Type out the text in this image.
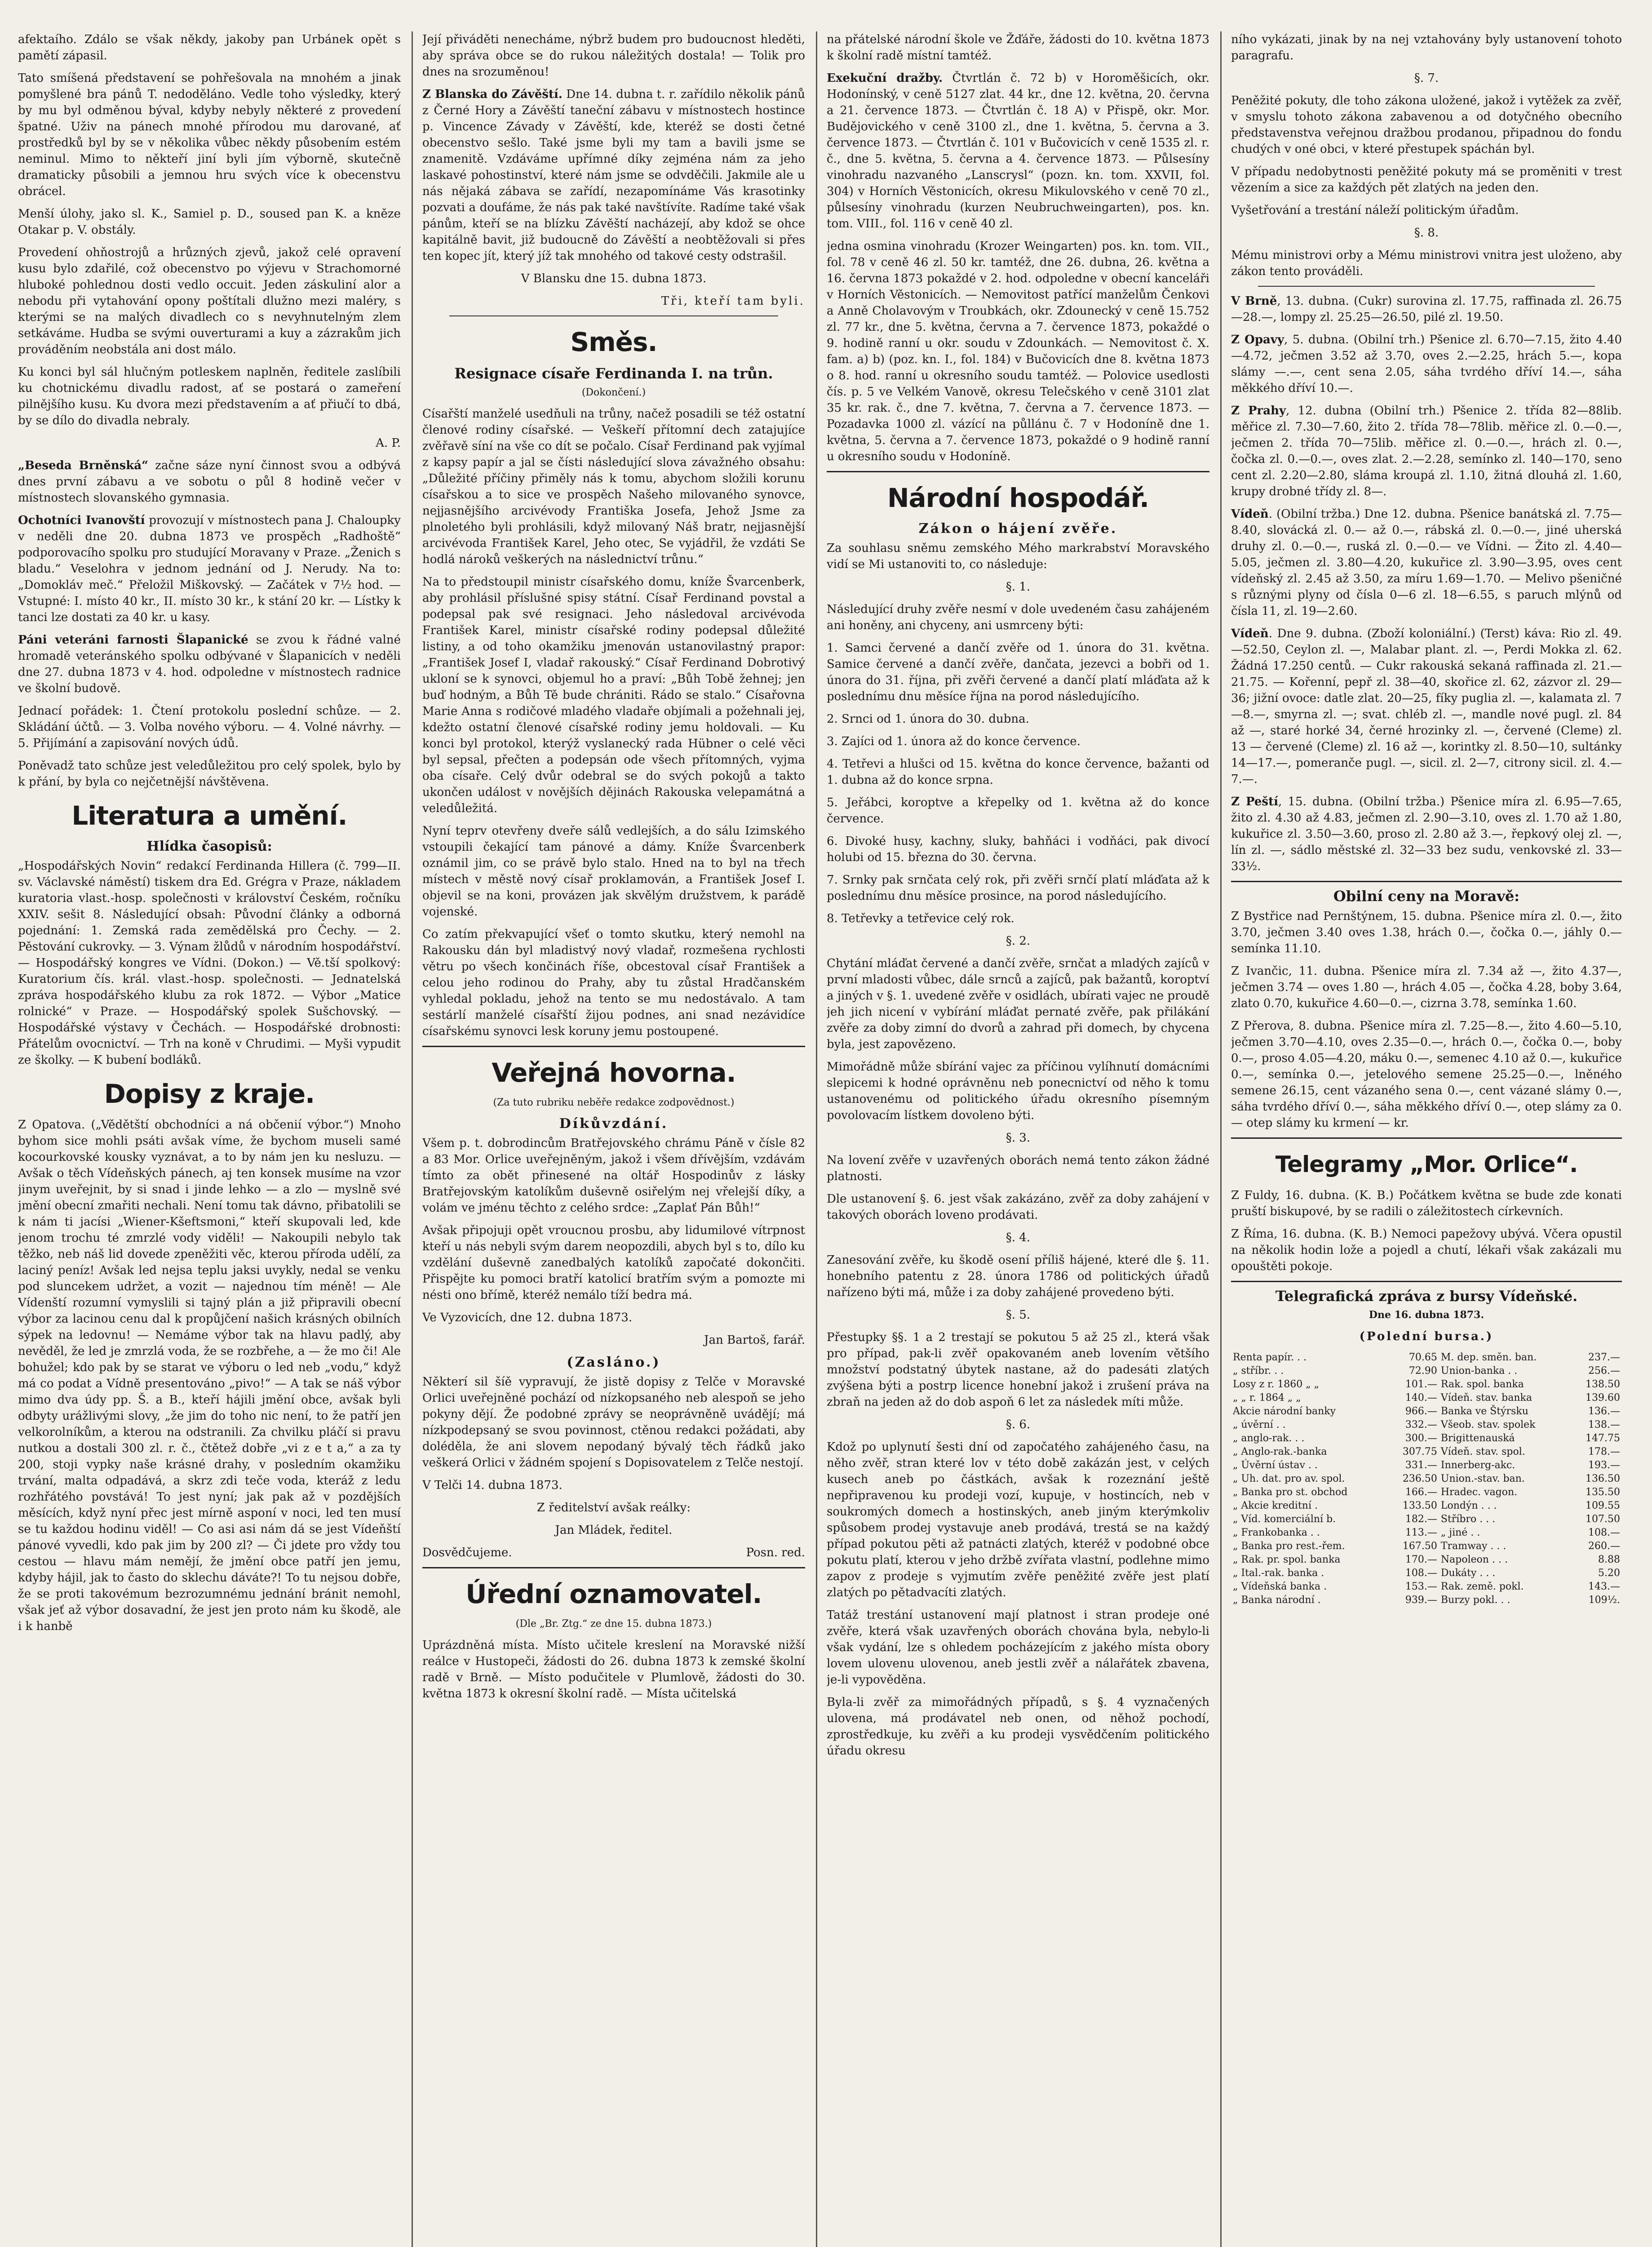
afektaího. Zdálo se však někdy, jakoby pan Urbánek opět s pamětí zápasil.

Tato smíšená představení se pohřešovala na mnohém a jinak pomyšlené bra pánů T. nedoděláno. Vedle toho výsledky, který by mu byl odměnou býval, kdyby nebyly některé z provedení špatné. Uživ na pánech mnohé přírodou mu darované, ať prostředků byl by se v několika vůbec někdy působením estém neminul. Mimo to někteří jiní byli jím výborně, skutečně dramaticky působili a jemnou hru svých více k obecenstvu obrácel.

Menší úlohy, jako sl. K., Samiel p. D., soused pan K. a kněze Otakar p. V. obstály.

Provedení ohňostrojů a hrůzných zjevů, jakož celé opravení kusu bylo zdařilé, což obecenstvo po výjevu v Strachomorné hluboké pohlednou dosti vedlo occuit. Jeden záskuliní alor a nebodu při vytahování opony poštítali dlužno mezi maléry, s kterými se na malých divadlech co s nevyhnutelným zlem setkáváme. Hudba se svými ouverturami a kuy a zázrakům jich prováděním neobstála ani dost málo.

Ku konci byl sál hlučným potleskem naplněn, ředitele zaslíbili ku chotnickému divadlu radost, ať se postará o zameření pilnějšího kusu. Ku dvora mezi představením a ať přiučí to dbá, by se dílo do divadla nebraly.

A. P.

„Beseda Brněnská“ začne sáze nyní činnost svou a odbývá dnes první zábavu a ve sobotu o půl 8 hodině večer v místnostech slovanského gymnasia.

Ochotníci Ivanovští provozují v místnostech pana J. Chaloupky v neděli dne 20. dubna 1873 ve prospěch „Radhoště“ podporovacího spolku pro studující Moravany v Praze. „Ženich s bladu.“ Veselohra v jednom jednání od J. Nerudy. Na to: „Domokláv meč.“ Přeložil Miškovský. — Začátek v 7½ hod. — Vstupné: I. místo 40 kr., II. místo 30 kr., k stání 20 kr. — Lístky k tanci lze dostati za 40 kr. u kasy.

Páni veteráni farnosti Šlapanické se zvou k řádné valné hromadě veteránského spolku odbývané v Šlapanicích v neděli dne 27. dubna 1873 v 4. hod. odpoledne v místnostech radnice ve školní budově.

Jednací pořádek: 1. Čtení protokolu poslední schůze. — 2. Skládání účtů. — 3. Volba nového výboru. — 4. Volné návrhy. — 5. Přijímání a zapisování nových údů.

Poněvadž tato schůze jest veledůležitou pro celý spolek, bylo by k přání, by byla co nejčetnější návštěvena.

Literatura a umění.
Hlídka časopisů:

„Hospodářských Novin“ redakcí Ferdinanda Hillera (č. 799—II. sv. Václavské náměstí) tiskem dra Ed. Grégra v Praze, nákladem kuratoria vlast.-hosp. společnosti v království Českém, ročníku XXIV. sešit 8. Následující obsah: Původní články a odborná pojednání: 1. Zemská rada zemědělská pro Čechy. — 2. Pěstování cukrovky. — 3. Výnam žlůdů v národním hospodářství. — Hospodářský kongres ve Vídni. (Dokon.) — Vě.tší spolkový: Kuratorium čís. král. vlast.-hosp. společnosti. — Jednatelská zpráva hospodářského klubu za rok 1872. — Výbor „Matice rolnické“ v Praze. — Hospodářský spolek Sušchovský. — Hospodářské výstavy v Čechách. — Hospodářské drobnosti: Přátelům ovocnictví. — Trh na koně v Chrudimi. — Myši vypudit ze školky. — K bubení bodláků.

Dopisy z kraje.

Z Opatova. („Vědětští obchodníci a ná občenií výbor.“) Mnoho byhom sice mohli psáti avšak víme, že bychom museli samé kocourkovské kousky vyznávat, a to by nám jen ku nesluzu. — Avšak o těch Vídeňských pánech, aj ten konsek musíme na vzor jinym uveřejnit, by si snad i jinde lehko — a zlo — myslně své jmění obecní zmařiti nechali. Není tomu tak dávno, přibatolili se k nám ti jacísi „Wiener-Kšeftsmoni,“ kteří skupovali led, kde jenom trochu té zmrzlé vody viděli! — Nakoupili nebylo tak těžko, neb náš lid dovede zpeněžiti věc, kterou příroda udělí, za laciný peníz! Avšak led nejsa teplu jaksi uvykly, nedal se venku pod sluncekem udržet, a vozit — najednou tím méně! — Ale Vídenští rozumní vymyslili si tajný plán a již připravili obecní výbor za lacinou cenu dal k propůjčení našich krásných obilních sýpek na ledovnu! — Nemáme výbor tak na hlavu padlý, aby nevěděl, že led je zmrzlá voda, že se rozbřehe, a — že mo či! Ale bohužel; kdo pak by se starat ve výboru o led neb „vodu,“ když má co podat a Vídně presentováno „pivo!“ — A tak se náš výbor mimo dva údy pp. Š. a B., kteří hájili jmění obce, avšak byli odbyty urážlivými slovy, „že jim do toho nic není, to že patří jen velkorolníkům, a kterou na odstranili. Za chvilku pláčí si pravu nutkou a dostali 300 zl. r. č., čtětež dobře „vi z e t a,“ a za ty 200, stoji vypky naše krásné drahy, v posledním okamžiku trvání, malta odpadává, a skrz zdi teče voda, kteráž z ledu rozhřátého povstává! To jest nyní; jak pak až v pozdějších měsících, když nyní přec jest mírně asponí v noci, led ten musí se tu každou hodinu viděl! — Co asi asi nám dá se jest Vídeňští pánové vyvedli, kdo pak jim by 200 zl? — Či jdete pro vždy tou cestou — hlavu mám nemějí, že jmění obce patří jen jemu, kdyby hájil, jak to často do sklechu dáváte?! To tu nejsou dobře, že se proti takovémum bezrozumnému jednání bránit nemohl, však jeť až výbor dosavadní, že jest jen proto nám ku škodě, ale i k hanbě

Její přiváděti nenecháme, nýbrž budem pro budoucnost hleděti, aby správa obce se do rukou náležitých dostala! — Tolik pro dnes na srozuměnou!

Z Blanska do Závěští. Dne 14. dubna t. r. zařídilo několik pánů z Černé Hory a Závěští taneční zábavu v místnostech hostince p. Vincence Závady v Závěští, kde, kteréž se dosti četné obecenstvo sešlo. Také jsme byli my tam a bavili jsme se znamenitě. Vzdáváme upřímné díky zejména nám za jeho laskavé pohostinství, které nám jsme se odvděčili. Jakmile ale u nás nějaká zábava se zařídí, nezapomínáme Vás krasotinky pozvati a doufáme, že nás pak také navštívíte. Radíme také však pánům, kteří se na blízku Závěští nacházejí, aby kdož se ohce kapitálně bavit, již budoucně do Závěští a neobtěžovali si přes ten kopec jít, který jíž tak mnohého od takové cesty odstrašil.

V Blansku dne 15. dubna 1873.

Tři, kteří tam byli.

Směs.
Resignace císaře Ferdinanda I. na trůn.

(Dokončení.)

Císařští manželé usedňuli na trůny, načež posadili se též ostatní členové rodiny císařské. — Veškeří přítomní dech zatajujíce zvěřavě síní na vše co dít se počalo. Císař Ferdinand pak vyjímal z kapsy papír a jal se čísti následující slova závažného obsahu: „Důležité příčiny přiměly nás k tomu, abychom složili korunu císařskou a to sice ve prospěch Našeho milovaného synovce, nejjasnějšího arcivévody Františka Josefa, Jehož Jsme za plnoletého byli prohlásili, když milovaný Náš bratr, nejjasnější arcivévoda František Karel, Jeho otec, Se vyjádřil, že vzdáti Se hodlá nároků veškerých na následnictví trůnu.“

Na to předstoupil ministr císařského domu, kníže Švarcenberk, aby prohlásil příslušné spisy státní. Císař Ferdinand povstal a podepsal pak své resignaci. Jeho následoval arcivévoda František Karel, ministr císařské rodiny podepsal důležité listiny, a od toho okamžiku jmenován ustanovilastný prapor: „František Josef I, vladař rakouský.“ Císař Ferdinand Dobrotivý ukloní se k synovci, objemul ho a praví: „Bůh Tobě žehnej; jen buď hodným, a Bůh Tě bude chrániti. Rádo se stalo.“ Císařovna Marie Anna s rodičové mladého vladaře objímali a požehnali jej, kdežto ostatní členové císařské rodiny jemu holdovali. — Ku konci byl protokol, kterýž vyslanecký rada Hübner o celé věci byl sepsal, přečten a podepsán ode všech přítomných, vyjma oba císaře. Celý dvůr odebral se do svých pokojů a takto ukončen událost v novějších dějinách Rakouska velepamátná a veledůležitá.

Nyní teprv otevřeny dveře sálů vedlejších, a do sálu Izimského vstoupili čekající tam pánové a dámy. Kníže Švarcenberk oznámil jim, co se právě bylo stalo. Hned na to byl na třech místech v městě nový císař proklamován, a František Josef I. objevil se na koni, provázen jak skvělým družstvem, k parádě vojenské.

Co zatím překvapující všeť o tomto skutku, který nemohl na Rakousku dán byl mladistvý nový vladař, rozmešena rychlosti větru po všech končinách říše, obcestoval císař František a celou jeho rodinou do Prahy, aby tu zůstal Hradčanském vyhledal pokladu, jehož na tento se mu nedostávalo. A tam sestárlí manželé císařští žijou podnes, ani snad nezávidíce císařskému synovci lesk koruny jemu postoupené.

Veřejná hovorna.

(Za tuto rubriku neběře redakce zodpovědnost.)

Díkůvzdání.

Všem p. t. dobrodincům Bratřejovského chrámu Páně v čísle 82 a 83 Mor. Orlice uveřejněným, jakož i všem dřívějším, vzdávám tímto za obět přinesené na oltář Hospodinův z lásky Bratřejovským katolíkům duševně osiřelým nej vřelejší díky, a volám ve jménu těchto z celého srdce: „Zaplať Pán Bůh!“

Avšak připojuji opět vroucnou prosbu, aby lidumilové vítrpnost kteří u nás nebyli svým darem neopozdili, abych byl s to, dílo ku vzdělání duševně zanedbalých katolíků započaté dokončiti. Přispějte ku pomoci bratří katolicí bratřím svým a pomozte mi nésti ono břímě, kteréž nemálo tíží bedra má.

Ve Vyzovicích, dne 12. dubna 1873.

Jan Bartoš, farář.

(Zasláno.)

Některí sil šíě vypravují, že jistě dopisy z Telče v Moravské Orlici uveřejněné pochází od nízkopsaného neb alespoň se jeho pokyny dějí. Že podobné zprávy se neoprávněně uvádějí; má nízkpodepsaný se svou povinnost, ctěnou redakci požádati, aby doléděla, že ani slovem nepodaný bývalý těch řádků jako veškerá Orlici v žádném spojení s Dopisovatelem z Telče nestojí.

V Telči 14. dubna 1873.

Z ředitelství avšak reálky:

Jan Mládek, ředitel.

Dosvědčujeme.	Posn. red.

Úřední oznamovatel.

(Dle „Br. Ztg.“ ze dne 15. dubna 1873.)

Uprázdněná místa. Místo učitele kreslení na Moravské nižší reálce v Hustopeči, žádosti do 26. dubna 1873 k zemské školní radě v Brně. — Místo podučitele v Plumlově, žádosti do 30. května 1873 k okresní školní radě. — Místa učitelská

na přátelské národní škole ve Žďáře, žádosti do 10. května 1873 k školní radě místní tamtéž.

Exekuční dražby. Čtvrtlán č. 72 b) v Horoměšicích, okr. Hodonínský, v ceně 5127 zlat. 44 kr., dne 12. května, 20. června a 21. července 1873. — Čtvrtlán č. 18 A) v Přispě, okr. Mor. Budějovického v ceně 3100 zl., dne 1. května, 5. června a 3. července 1873. — Čtvrtlán č. 101 v Bučovicích v ceně 1535 zl. r. č., dne 5. května, 5. června a 4. července 1873. — Půlsesíny vinohradu nazvaného „Lanscrysl“ (pozn. kn. tom. XXVII, fol. 304) v Horních Věstonicích, okresu Mikulovského v ceně 70 zl., půlsesíny vinohradu (kurzen Neubruchweingarten), pos. kn. tom. VIII., fol. 116 v ceně 40 zl.

jedna osmina vinohradu (Krozer Weingarten) pos. kn. tom. VII., fol. 78 v ceně 46 zl. 50 kr. tamtéž, dne 26. dubna, 26. května a 16. června 1873 pokaždé v 2. hod. odpoledne v obecní kanceláři v Horních Věstonicích. — Nemovitost patřící manželům Čenkovi a Anně Cholavovým v Troubkách, okr. Zdounecký v ceně 15.752 zl. 77 kr., dne 5. května, června a 7. července 1873, pokaždé o 9. hodině ranní u okr. soudu v Zdounkách. — Nemovitost č. X. fam. a) b) (poz. kn. I., fol. 184) v Bučovicích dne 8. května 1873 o 8. hod. ranní u okresního soudu tamtéž. — Polovice usedlosti čís. p. 5 ve Velkém Vanově, okresu Telečského v ceně 3101 zlat 35 kr. rak. č., dne 7. května, 7. června a 7. července 1873. — Pozadavka 1000 zl. vázící na půllánu č. 7 v Hodoníně dne 1. května, 5. června a 7. července 1873, pokaždé o 9 hodině ranní u okresního soudu v Hodoníně.

Národní hospodář.
Zákon o hájení zvěře.

Za souhlasu sněmu zemského Mého markrabství Moravského vidí se Mi ustanoviti to, co následuje:

§. 1.

Následující druhy zvěře nesmí v dole uvedeném času zahájeném ani honěny, ani chyceny, ani usmrceny býti:

1. Samci červené a dančí zvěře od 1. února do 31. května. Samice červené a dančí zvěře, dančata, jezevci a bobři od 1. února do 31. října, při zvěři červené a dančí platí mláďata až k poslednímu dnu měsíce října na porod následujícího.

2. Srnci od 1. února do 30. dubna.

3. Zajíci od 1. února až do konce července.

4. Tetřevi a hlušci od 15. května do konce července, bažanti od 1. dubna až do konce srpna.

5. Jeřábci, koroptve a křepelky od 1. května až do konce července.

6. Divoké husy, kachny, sluky, bahňáci i vodňáci, pak divocí holubi od 15. března do 30. června.

7. Srnky pak srnčata celý rok, při zvěři srnčí platí mláďata až k poslednímu dnu měsíce prosince, na porod následujícího.

8. Tetřevky a tetřevice celý rok.

§. 2.

Chytání mláďat červené a dančí zvěře, srnčat a mladých zajíců v první mladosti vůbec, dále srnců a zajíců, pak bažantů, koroptví a jiných v §. 1. uvedené zvěře v osidlách, ubírati vajec ne proudě jeh jich nicení v vybírání mláďat pernaté zvěře, pak přilákání zvěře za doby zimní do dvorů a zahrad při domech, by chycena byla, jest zapovězeno.

Mimořádně může sbírání vajec za příčinou vylíhnutí domácními slepicemi k hodné oprávněnu neb ponecnictví od něho k tomu ustanovenému od politického úřadu okresního písemným povolovacím lístkem dovoleno býti.

§. 3.

Na lovení zvěře v uzavřených oborách nemá tento zákon žádné platnosti.

Dle ustanovení §. 6. jest však zakázáno, zvěř za doby zahájení v takových oborách loveno prodávati.

§. 4.

Zanesování zvěře, ku škodě osení příliš hájené, které dle §. 11. honebního patentu z 28. února 1786 od politických úřadů nařízeno býti má, může i za doby zahájené provedeno býti.

§. 5.

Přestupky §§. 1 a 2 trestají se pokutou 5 až 25 zl., která však pro případ, pak-li zvěř opakovaném aneb lovením většího množství podstatný úbytek nastane, až do padesáti zlatých zvýšena býti a postrp licence honební jakož i zrušení práva na zbraň na jeden až do dob aspoň 6 let za následek míti může.

§. 6.

Kdož po uplynutí šesti dní od započatého zahájeného času, na něho zvěř, stran které lov v této době zakázán jest, v celých kusech aneb po částkách, avšak k rozeznání ještě nepřipravenou ku prodeji vozí, kupuje, v hostincích, neb v soukromých domech a hostinských, aneb jiným kterýmkoliv spůsobem prodej vystavuje aneb prodává, trestá se na každý případ pokutou pěti až patnácti zlatých, kteréž v podobné obce pokutu platí, kterou v jeho držbě zvířata vlastní, podlehne mimo zapov z prodeje s vyjmutím zvěře peněžité zvěře jest platí zlatých po pětadvacíti zlatých.

Tatáž trestání ustanovení mají platnost i stran prodeje oné zvěře, která však uzavřených oborách chována byla, nebylo-li však vydání, lze s ohledem pocházejícím z jakého místa obory lovem ulovenu ulovenou, aneb jestli zvěř a nálařátek zbavena, je-li vypověděna.

Byla-li zvěř za mimořádných případů, s §. 4 vyznačených ulovena, má prodávatel neb onen, od něhož pochodí, zprostředkuje, ku zvěři a ku prodeji vysvědčením politického úřadu okresu

ního vykázati, jinak by na nej vztahovány byly ustanovení tohoto paragrafu.

§. 7.

Peněžité pokuty, dle toho zákona uložené, jakož i vytěžek za zvěř, v smyslu tohoto zákona zabavenou a od dotyčného obecního představenstva veřejnou dražbou prodanou, připadnou do fondu chudých v oné obci, v které přestupek spáchán byl.

V případu nedobytnosti peněžité pokuty má se proměniti v trest vězením a sice za každých pět zlatých na jeden den.

Vyšetřování a trestání náleží politickým úřadům.

§. 8.

Mému ministrovi orby a Mému ministrovi vnitra jest uloženo, aby zákon tento prováděli.

V Brně, 13. dubna. (Cukr) surovina zl. 17.75, raffinada zl. 26.75—28.—, lompy zl. 25.25—26.50, pilé zl. 19.50.

Z Opavy, 5. dubna. (Obilní trh.) Pšenice zl. 6.70—7.15, žito 4.40—4.72, ječmen 3.52 až 3.70, oves 2.—2.25, hrách 5.—, kopa slámy —.—, cent sena 2.05, sáha tvrdého dříví 14.—, sáha měkkého dříví 10.—.

Z Prahy, 12. dubna (Obilní trh.) Pšenice 2. třída 82—88lib. měřice zl. 7.30—7.60, žito 2. třída 78—78lib. měřice zl. 0.—0.—, ječmen 2. třída 70—75lib. měřice zl. 0.—0.—, hrách zl. 0.—, čočka zl. 0.—0.—, oves zlat. 2.—2.28, semínko zl. 140—170, seno cent zl. 2.20—2.80, sláma kroupá zl. 1.10, žitná dlouhá zl. 1.60, krupy drobné třídy zl. 8—.

Vídeň. (Obilní tržba.) Dne 12. dubna. Pšenice banátská zl. 7.75—8.40, slovácká zl. 0.— až 0.—, rábská zl. 0.—0.—, jiné uherská druhy zl. 0.—0.—, ruská zl. 0.—0.— ve Vídni. — Žito zl. 4.40—5.05, ječmen zl. 3.80—4.20, kukuřice zl. 3.90—3.95, oves cent vídeňský zl. 2.45 až 3.50, za míru 1.69—1.70. — Melivo pšeničné s různými plyny od čísla 0—6 zl. 18—6.55, s paruch mlýnů od čísla 11, zl. 19—2.60.

Vídeň. Dne 9. dubna. (Zboží koloniální.) (Terst) káva: Rio zl. 49.—52.50, Ceylon zl. —, Malabar plant. zl. —, Perdi Mokka zl. 62. Žádná 17.250 centů. — Cukr rakouská sekaná raffinada zl. 21.—21.75. — Kořenní, pepř zl. 38—40, skořice zl. 62, zázvor zl. 29—36; jižní ovoce: datle zlat. 20—25, fíky puglia zl. —, kalamata zl. 7—8.—, smyrna zl. —; svat. chléb zl. —, mandle nové pugl. zl. 84 až —, staré horké 34, černé hrozinky zl. —, červené (Cleme) zl. 13 — červené (Cleme) zl. 16 až —, korintky zl. 8.50—10, sultánky 14—17.—, pomeranče pugl. —, sicil. zl. 2—7, citrony sicil. zl. 4.—7.—.

Z Peští, 15. dubna. (Obilní tržba.) Pšenice míra zl. 6.95—7.65, žito zl. 4.30 až 4.83, ječmen zl. 2.90—3.10, oves zl. 1.70 až 1.80, kukuřice zl. 3.50—3.60, proso zl. 2.80 až 3.—, řepkový olej zl. —, lín zl. —, sádlo městské zl. 32—33 bez sudu, venkovské zl. 33—33½.

Obilní ceny na Moravě:

Z Bystřice nad Pernštýnem, 15. dubna. Pšenice míra zl. 0.—, žito 3.70, ječmen 3.40 oves 1.38, hrách 0.—, čočka 0.—, jáhly 0.— semínka 11.10.

Z Ivančic, 11. dubna. Pšenice míra zl. 7.34 až —, žito 4.37—, ječmen 3.74 — oves 1.80 —, hrách 4.05 —, čočka 4.28, boby 3.64, zlato 0.70, kukuřice 4.60—0.—, cizrna 3.78, semínka 1.60.

Z Přerova, 8. dubna. Pšenice míra zl. 7.25—8.—, žito 4.60—5.10, ječmen 3.70—4.10, oves 2.35—0.—, hrách 0.—, čočka 0.—, boby 0.—, proso 4.05—4.20, máku 0.—, semenec 4.10 až 0.—, kukuřice 0.—, semínka 0.—, jetelového semene 25.25—0.—, lněného semene 26.15, cent vázaného sena 0.—, cent vázané slámy 0.—, sáha tvrdého dříví 0.—, sáha měkkého dříví 0.—, otep slámy za 0.— otep slámy ku krmení — kr.

Telegramy „Mor. Orlice“.

Z Fuldy, 16. dubna. (K. B.) Počátkem května se bude zde konati pruští biskupové, by se radili o záležitostech církevních.

Z Říma, 16. dubna. (K. B.) Nemoci papežovy ubývá. Včera opustil na několik hodin lože a pojedl a chutí, lékaři však zakázali mu opouštěti pokoje.

Telegrafická zpráva z bursy Vídeňské.

Dne 16. dubna 1873.

(Polední bursa.)

Renta papír. . .	70.65	M. dep. směn. ban.	237.—
„ stříbr. . .	72.90	Union-banka . .	256.—
Losy z r. 1860 „ „	101.—	Rak. spol. banka	138.50
„ „ r. 1864 „ „	140.—	Vídeň. stav. banka	139.60
Akcie národní banky	966.—	Banka ve Štýrsku	136.—
„ úvěrní . .	332.—	Všeob. stav. spolek	138.—
„ anglo-rak. . .	300.—	Brigittenauská	147.75
„ Anglo-rak.-banka	307.75	Vídeň. stav. spol.	178.—
„ Úvěrní ústav . .	331.—	Innerberg-akc.	193.—
„ Uh. dat. pro av. spol.	236.50	Union.-stav. ban.	136.50
„ Banka pro st. obchod	166.—	Hradec. vagon.	135.50
„ Akcie kreditní .	133.50	Londýn . . .	109.55
„ Víd. komerciální b.	182.—	Stříbro . . .	107.50
„ Frankobanka . .	113.—	„ jiné . .	108.—
„ Banka pro rest.-řem.	167.50	Tramway . . .	260.—
„ Rak. pr. spol. banka	170.—	Napoleon . . .	8.88
„ Ital.-rak. banka .	108.—	Dukáty . . .	5.20
„ Vídeňská banka .	153.—	Rak. země. pokl.	143.—
„ Banka národní .	939.—	Burzy pokl. . .	109½.
